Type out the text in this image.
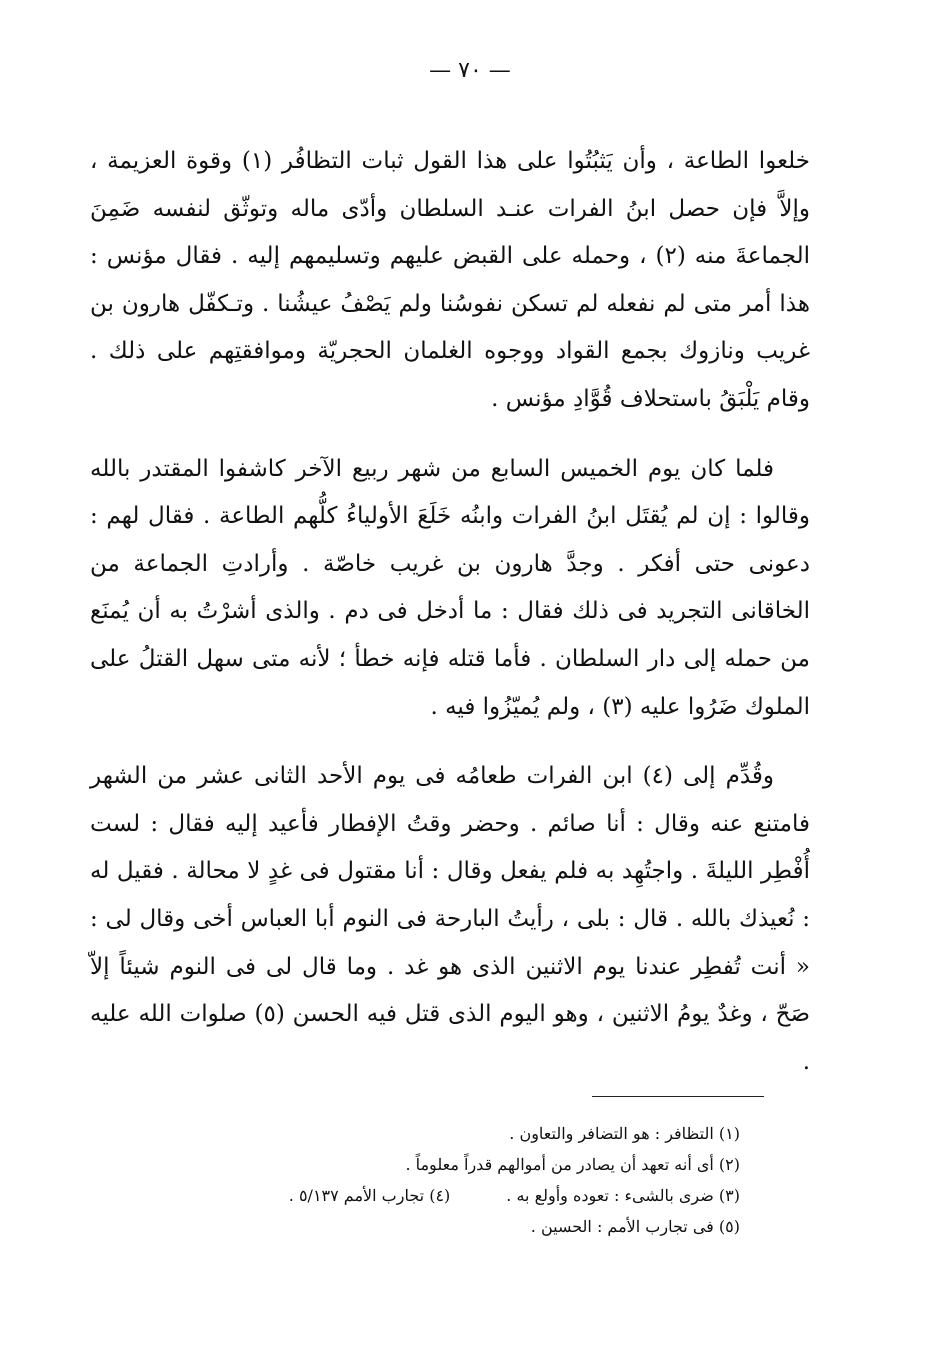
— ٧٠ —

خلعوا الطاعة ، وأن يَثبُتُوا على هذا القول ثبات التظافُر (١) وقوة العزيمة ، وإلاَّ فإن حصل ابنُ الفرات عنـد السلطان وأدّى ماله وتوثّق لنفسه ضَمِنَ الجماعةَ منه (٢) ، وحمله على القبض عليهم وتسليمهم إليه . فقال مؤنس : هذا أمر متى لم نفعله لم تسكن نفوسُنا ولم يَصْفُ عيشُنا . وتـكفّل هارون بن غريب ونازوك بجمع القواد ووجوه الغلمان الحجريّة وموافقتِهم على ذلك . وقام يَلْبَقُ باستحلاف قُوَّادِ مؤنس .

فلما كان يوم الخميس السابع من شهر ربيع الآخر كاشفوا المقتدر بالله وقالوا : إن لم يُقتَل ابنُ الفرات وابنُه خَلَعَ الأولياءُ كلُّهم الطاعة . فقال لهم : دعونى حتى أفكر . وجدَّ هارون بن غريب خاصّة . وأرادتِ الجماعة من الخاقانى التجريد فى ذلك فقال : ما أدخل فى دم . والذى أشرْتُ به أن يُمنَع من حمله إلى دار السلطان . فأما قتله فإنه خطأ ؛ لأنه متى سهل القتلُ على الملوك ضَرُوا عليه (٣) ، ولم يُميّزُوا فيه .

وقُدِّم إلى (٤) ابن الفرات طعامُه فى يوم الأحد الثانى عشر من الشهر فامتنع عنه وقال : أنا صائم . وحضر وقتُ الإفطار فأعيد إليه فقال : لست أُفْطِر الليلةَ . واجتُهِد به فلم يفعل وقال : أنا مقتول فى غدٍ لا محالة . فقيل له : نُعيذك بالله . قال : بلى ، رأيتُ البارحة فى النوم أبا العباس أخى وقال لى : « أنت تُفطِر عندنا يوم الاثنين الذى هو غد . وما قال لى فى النوم شيئاً إلاّ صَحّ ، وغدٌ يومُ الاثنين ، وهو اليوم الذى قتل فيه الحسن (٥) صلوات الله عليه .

(١) التظافر : هو التضافر والتعاون .

(٢) أى أنه تعهد أن يصادر من أموالهم قدراً معلوماً .

(٣) ضرى بالشىء : تعوده وأولع به .(٤) تجارب الأمم ٥/١٣٧ .

(٥) فى تجارب الأمم : الحسين .
